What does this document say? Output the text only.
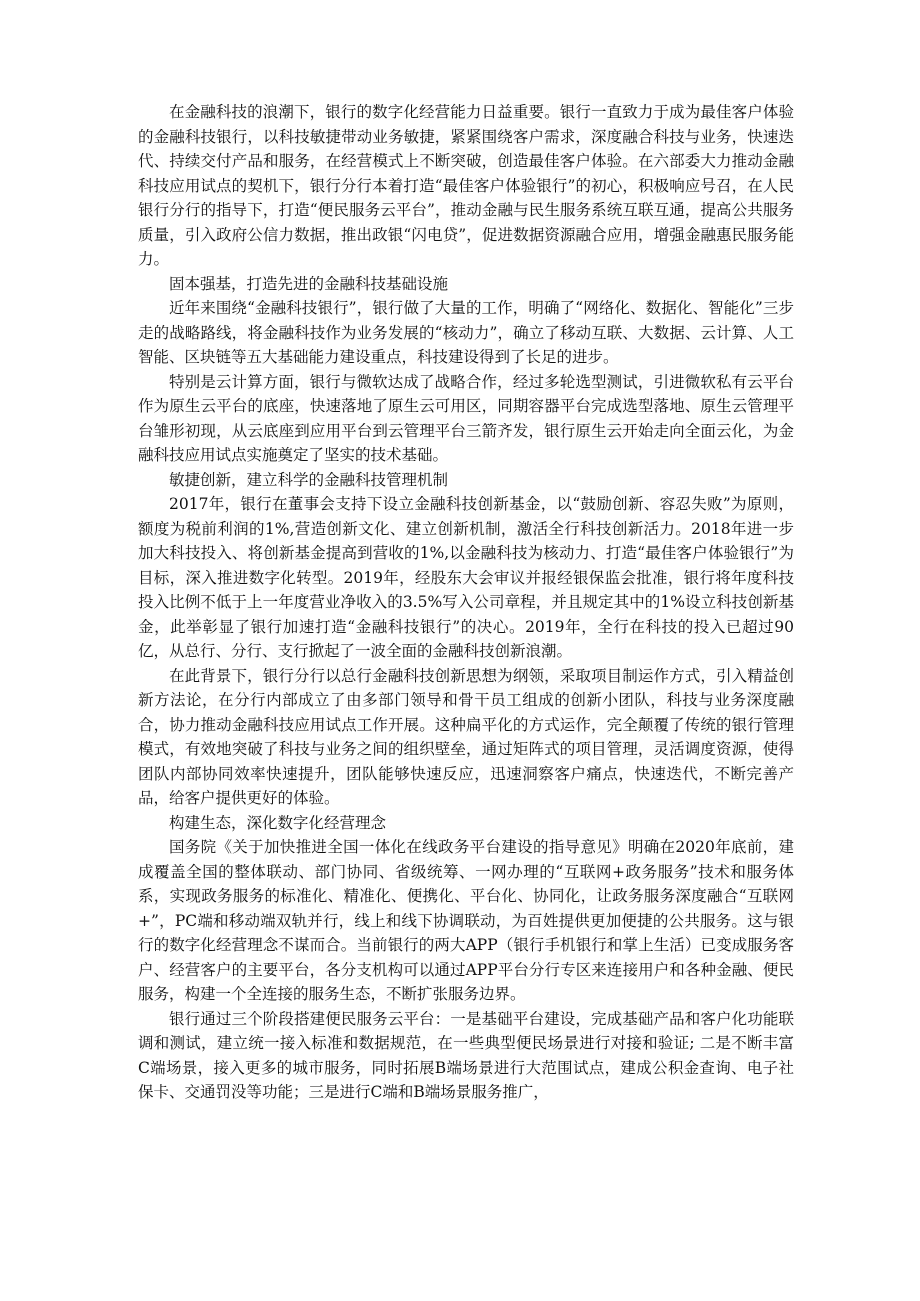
在金融科技的浪潮下，银行的数字化经营能力日益重要。银行一直致力于成为最佳客户体验的金融科技银行，以科技敏捷带动业务敏捷，紧紧围绕客户需求，深度融合科技与业务，快速迭代、持续交付产品和服务，在经营模式上不断突破，创造最佳客户体验。在六部委大力推动金融科技应用试点的契机下，银行分行本着打造“最佳客户体验银行”的初心，积极响应号召，在人民银行分行的指导下，打造“便民服务云平台”，推动金融与民生服务系统互联互通，提高公共服务质量，引入政府公信力数据，推出政银“闪电贷”，促进数据资源融合应用，增强金融惠民服务能力。

固本强基，打造先进的金融科技基础设施

近年来围绕“金融科技银行”，银行做了大量的工作，明确了“网络化、数据化、智能化”三步走的战略路线，将金融科技作为业务发展的“核动力”，确立了移动互联、大数据、云计算、人工智能、区块链等五大基础能力建设重点，科技建设得到了长足的进步。

特别是云计算方面，银行与微软达成了战略合作，经过多轮选型测试，引进微软私有云平台作为原生云平台的底座，快速落地了原生云可用区，同期容器平台完成选型落地、原生云管理平台雏形初现，从云底座到应用平台到云管理平台三箭齐发，银行原生云开始走向全面云化，为金融科技应用试点实施奠定了坚实的技术基础。

敏捷创新，建立科学的金融科技管理机制

2017年，银行在董事会支持下设立金融科技创新基金，以“鼓励创新、容忍失败”为原则，额度为税前利润的1%,营造创新文化、建立创新机制，激活全行科技创新活力。2018年进一步加大科技投入、将创新基金提高到营收的1%,以金融科技为核动力、打造“最佳客户体验银行”为目标，深入推进数字化转型。2019年，经股东大会审议并报经银保监会批准，银行将年度科技投入比例不低于上一年度营业净收入的3.5%写入公司章程，并且规定其中的1%设立科技创新基金，此举彰显了银行加速打造“金融科技银行”的决心。2019年，全行在科技的投入已超过90亿，从总行、分行、支行掀起了一波全面的金融科技创新浪潮。

在此背景下，银行分行以总行金融科技创新思想为纲领，采取项目制运作方式，引入精益创新方法论，在分行内部成立了由多部门领导和骨干员工组成的创新小团队，科技与业务深度融合，协力推动金融科技应用试点工作开展。这种扁平化的方式运作，完全颠覆了传统的银行管理模式，有效地突破了科技与业务之间的组织壁垒，通过矩阵式的项目管理，灵活调度资源，使得团队内部协同效率快速提升，团队能够快速反应，迅速洞察客户痛点，快速迭代，不断完善产品，给客户提供更好的体验。

构建生态，深化数字化经营理念

国务院《关于加快推进全国一体化在线政务平台建设的指导意见》明确在2020年底前，建成覆盖全国的整体联动、部门协同、省级统筹、一网办理的“互联网+政务服务”技术和服务体系，实现政务服务的标准化、精准化、便携化、平台化、协同化，让政务服务深度融合“互联网+”，PC端和移动端双轨并行，线上和线下协调联动，为百姓提供更加便捷的公共服务。这与银行的数字化经营理念不谋而合。当前银行的两大APP（银行手机银行和掌上生活）已变成服务客户、经营客户的主要平台，各分支机构可以通过APP平台分行专区来连接用户和各种金融、便民服务，构建一个全连接的服务生态，不断扩张服务边界。

银行通过三个阶段搭建便民服务云平台：一是基础平台建设，完成基础产品和客户化功能联调和测试，建立统一接入标准和数据规范，在一些典型便民场景进行对接和验证; 二是不断丰富C端场景，接入更多的城市服务，同时拓展B端场景进行大范围试点，建成公积金查询、电子社保卡、交通罚没等功能；三是进行C端和B端场景服务推广，
